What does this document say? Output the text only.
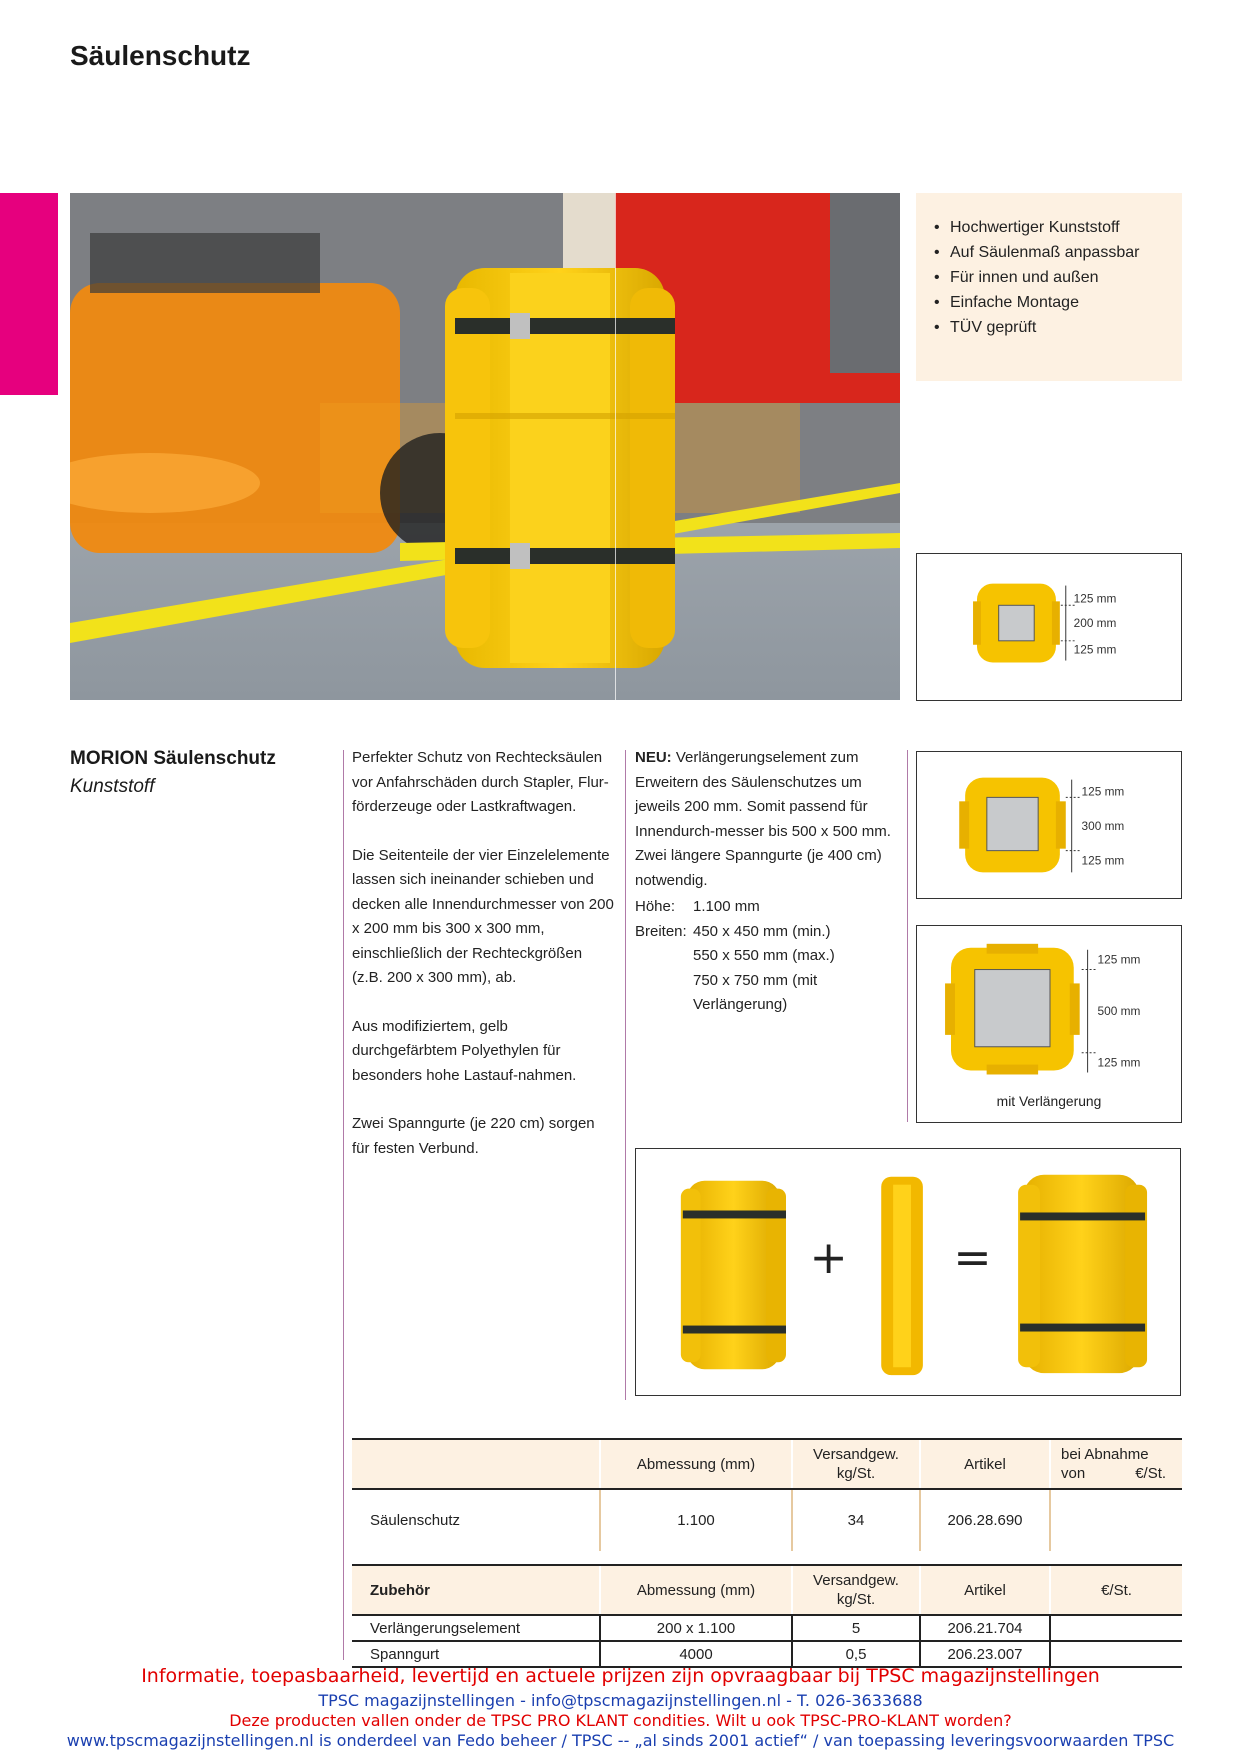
Säulenschutz
• Hochwertiger Kunststoff
• Auf Säulenmaß anpassbar
• Für innen und außen
• Einfache Montage
• TÜV geprüft
125 mm
200 mm
125 mm
MORION Säulenschutz
Kunststoff

Perfekter Schutz von Rechtecksäulen vor Anfahrschäden durch Stapler, Flur-förderzeuge oder Lastkraftwagen.

Die Seitenteile der vier Einzelelemente lassen sich ineinander schieben und decken alle Innendurchmesser von 200 x 200 mm bis 300 x 300 mm, einschließlich der Rechteckgrößen (z.B. 200 x 300 mm), ab.

Aus modifiziertem, gelb durchgefärbtem Polyethylen für besonders hohe Lastauf-nahmen.

Zwei Spanngurte (je 220 cm) sorgen für festen Verbund.

NEU: Verlängerungselement zum Erweitern des Säulenschutzes um jeweils 200 mm. Somit passend für Innendurch-messer bis 500 x 500 mm. Zwei längere Spanngurte (je 400 cm) notwendig.

Höhe:	1.100 mm
Breiten: 450 x 450 mm (min.)
550 x 550 mm (max.)
750 x 750 mm (mit
Verlängerung)
125 mm
300 mm
125 mm
125 mm
500 mm
125 mm
mit Verlängerung
+ =
	Abmessung (mm)	Versandgew.
kg/St.	Artikel	bei Abnahme
von €/St.
Säulenschutz	1.100	34	206.28.690	
Zubehör	Abmessung (mm)	Versandgew.
kg/St.	Artikel	€/St.
Verlängerungselement	200 x 1.100	5	206.21.704	
Spanngurt	4000	0,5	206.23.007	
Informatie, toepasbaarheid, levertijd en actuele prijzen zijn opvraagbaar bij TPSC magazijnstellingen
TPSC magazijnstellingen - info@tpscmagazijnstellingen.nl - T. 026-3633688
Deze producten vallen onder de TPSC PRO KLANT condities. Wilt u ook TPSC-PRO-KLANT worden?
www.tpscmagazijnstellingen.nl is onderdeel van Fedo beheer / TPSC -- „al sinds 2001 actief“ / van toepassing leveringsvoorwaarden TPSC
